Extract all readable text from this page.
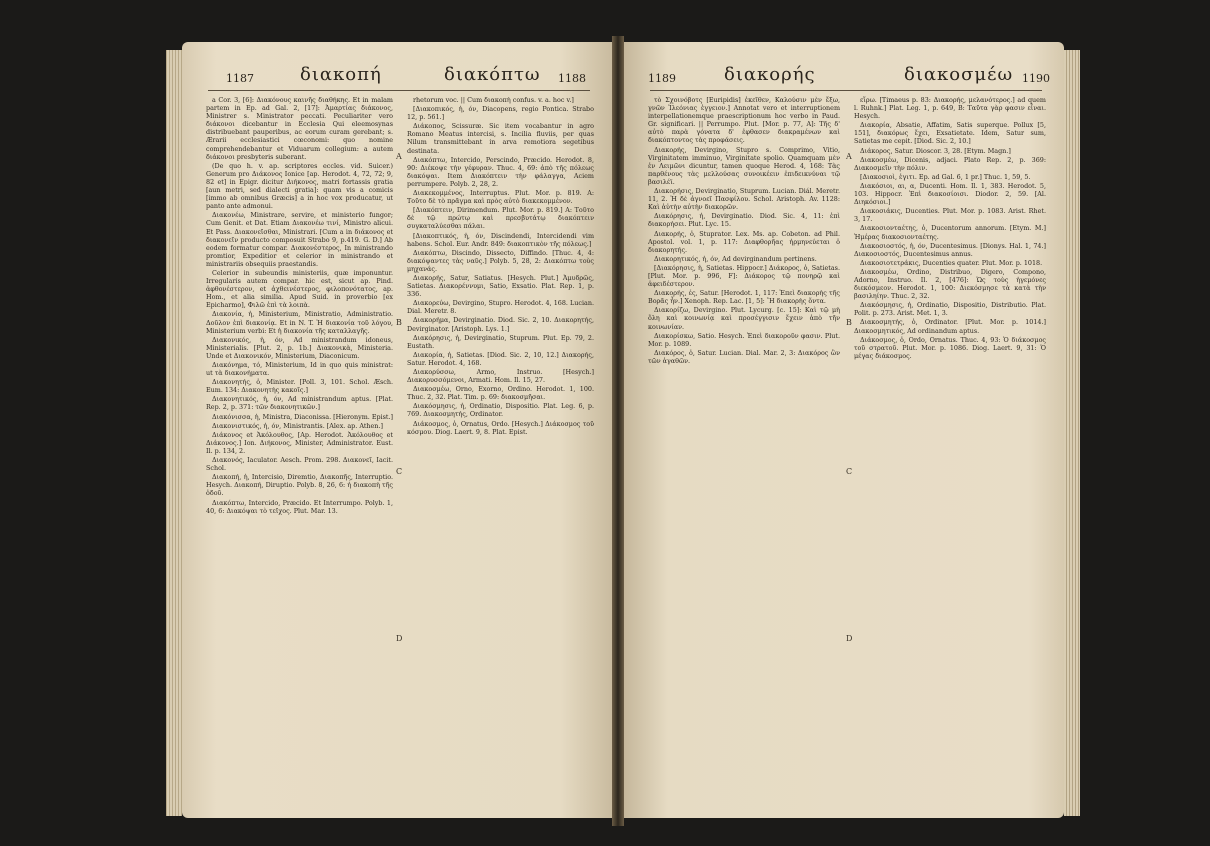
1187	διακοπή	διακόπτω 1188

a Cor. 3, [6]: Διακόνους καινῆς διαθήκης. Et in malam partem in Ep. ad Gal. 2, [17]: Ἁμαρτίας διάκονος, Ministrer s. Ministrator peccati. Peculiariter vero διάκονοι dicebantur in Ecclesia Qui eleemosynas distribuebant pauperibus, ac eorum curam gerebant; s. Ærarii ecclesiastici cœconomi: quo nomine comprehendebantur et Viduarum collegium: a autem διάκονοι presbyteris suberant.

(De quo h. v. ap. scriptores eccles. vid. Suicer.) Generum pro Διάκονος Ionice [ap. Herodot. 4, 72, 72; 9, 82 et] in Epigr. dicitur Διήκονος, matri fortassis gratia [aun metri, sed dialecti gratia]: quam vis a comicis [immo ab omnibus Græcis] a in hoc vox producatur, ut panto ante admonui.

Διακονέω, Ministrare, servire, et ministerio fungor; Cum Genit. et Dat. Etiam Διακονέω τινί, Ministro alicui. Et Pass. Διακονεῖσθαι, Ministrari. [Cum a in διάκονος et διακονεῖν producto composuit Strabo 9, p.419. G. D.] Ab eodem formatur compar. Διακονέστερος, In ministrando promtior, Expeditior et celerior in ministrando et ministrariis obsequiis praestandis.

Celerior in subeundis ministeriis, quæ imponuntur. Irregularis autem compar. hic est, sicut ap. Pind. ἀφθονέστερον, et ἀχθεινέστερος, φιλοπονότατος, ap. Hom., et alia similia. Apud Suid. in proverbio [ex Epicharmo], Φιλῶ ἐπὶ τὰ λοιπὰ.

Διακονία, ἡ, Ministerium, Ministratio, Administratio. Δοῦλον ἐπὶ διακονίᾳ. Et in N. T. Ἡ διακονία τοῦ λόγου, Ministerium verbi: Et ἡ διακονία τῆς καταλλαγῆς.

Διακονικός, ἡ, όν, Ad ministrandum idoneus, Ministerialis. [Plut. 2, p. 1b.] Διακονικὰ, Ministeria. Unde et Διακονικόν, Ministerium, Diaconicum.

Διακόνημα, τό, Ministerium, Id in quo quis ministrat: ut τὰ διακονήματα.

Διακονητής, ὁ, Minister. [Poll. 3, 101. Schol. Æsch. Eum. 134: Διακονητὴς κακοῖς.]

Διακονητικός, ἡ, όν, Ad ministrandum aptus. [Plat. Rep. 2, p. 371: τῶν διακονητικῶν.]

Διακόνισσα, ἡ, Ministra, Diaconissa. [Hieronym. Epist.]

Διακονιστικός, ἡ, όν, Ministrantis. [Alex. ap. Athen.]

Διάκονος et Ἀκόλουθος, [Ap. Herodot. Ἀκόλουθος et Διάκονος.] Ion. Διήκονος, Minister, Administrator. Eust. Il. p. 134, 2.

Διακονός, Iaculator. Aesch. Prom. 298. Διακονεῖ, Iacit. Schol.

Διακοπή, ἡ, Intercisio, Diremtio, Διακοπῆς, Interruptio. Hesych. Διακοπή, Diruptio. Polyb. 8, 26, 6: ἡ διακοπὴ τῆς ὁδοῦ.

Διακόπτω, Intercido, Præcido. Et Interrumpo. Polyb. 1, 40, 6: Διακόψαι τὸ τεῖχος. Plut. Mar. 13.

rhetorum voc. || Cum διακοπὴ confus. v. a. hoc v.]

[Διακοπικός, ἡ, όν, Diacopens, regio Pontica. Strabo 12, p. 561.]

Διάκοπος, Scissuræ. Sic item vocabantur in agro Romano Meatus intercisi, s. Incilia fluviis, per quas Nilum transmittebant in arva remotiora segetibus destinata.

Διακόπτω, Intercido, Perscindo, Præcido. Herodot. 8, 90: Διέκοψε τὴν γέφυραν. Thuc. 4, 69: ἀπὸ τῆς πόλεως διακόψαι. Item Διακόπτειν τὴν φάλαγγα, Aciem perrumpere. Polyb. 2, 28, 2.

Διακεκομμένος, Interruptus. Plut. Mor. p. 819. A: Τοῦτο δὲ τὸ πρᾶγμα καὶ πρὸς αὐτὸ διακεκομμένον.

[Διακόπτειν, Dirimendum. Plut. Mor. p. 819.] A: Τοῦτο δὲ τῷ πρώτῳ καὶ πρεσβυτάτῳ διακόπτειν συγκαταλύεσθαι πάλαι.

[Διακοπτικός, ἡ, όν, Discindendi, Intercidendi vim habens. Schol. Eur. Andr. 849: διακοπτικὸν τῆς πόλεως.]

Διακόπτω, Discindo, Dissecto, Diffindo. [Thuc. 4, 4: διακόψαντες τὰς ναῦς.] Polyb. 5, 28, 2: Διακόπτω τοὺς μηχανάς.

Διακορής, Satur, Satiatus. [Hesych. Plut.] Ἀμυδρῶς, Satietas. Διακορέννυμι, Satio, Exsatio. Plat. Rep. 1, p. 336.

Διακορεύω, Devirgino, Stupro. Herodot. 4, 168. Lucian. Dial. Meretr. 8.

Διακορήμα, Devirginatio. Diod. Sic. 2, 10. Διακορητής, Devirginator. [Aristoph. Lys. 1.]

Διακόρησις, ἡ, Devirginatio, Stuprum. Plut. Ep. 79, 2. Eustath.

Διακορία, ἡ, Satietas. [Diod. Sic. 2, 10, 12.] Διακορής, Satur. Herodot. 4, 168.

Διακορύσσω, Armo, Instruo. [Hesych.] Διακορυσσόμενοι, Armati. Hom. Il. 15, 27.

Διακοσμέω, Orno, Exorno, Ordino. Herodot. 1, 100. Thuc. 2, 32. Plat. Tim. p. 69: διακοσμῆσαι.

Διακόσμησις, ἡ, Ordinatio, Dispositio. Plat. Leg. 6, p. 769. Διακοσμητής, Ordinator.

Διάκοσμος, ὁ, Ornatus, Ordo. [Hesych.] Διάκοσμος τοῦ κόσμου. Diog. Laert. 9, 8. Plat. Epist.

A
B
C
D
1189	διακορής	διακοσμέω 1190

τὸ Σχοινόβοτς [Euripidis] ἐκεῖθεν, Καλούσιν μὲν ἔξω, γνῶν Ἰλεόνιας ἐγγειον.] Annotat vero et interruptionem interpellationemque praescriptionum hoc verbo in Paud. Gr. significari. || Perrumpo. Plut. [Mor. p. 77, A]: Τῆς δ' αὐτὸ παρὰ γόνατα δ' ἐφθασεν διακραμένων καὶ διακόπτοντος τὰς προφάσεις.

Διακορής, Devirgino, Stupro s. Comprimo, Vitio, Virginitatem imminuo, Virginitate spolio. Quamquam μὲν ἐν Λειμῶνι dicuntur, tamen quoque Herod. 4, 168: Τὰς παρθένους τὰς μελλούσας συνοικέειν ἐπιδεικνύναι τῷ βασιλέϊ.

Διακορήσις, Devirginatio, Stuprum. Lucian. Diál. Meretr. 11, 2. Ἡ δὲ ἀγνοεῖ Πασφίλου. Schol. Aristoph. Av. 1128: Καὶ ἀὐτὴν αὐτὴν διακορῶν.

Διακόρησις, ἡ, Devirginatio. Diod. Sic. 4, 11: ἐπὶ διακορήσει. Plut. Lyc. 15.

Διακορής, ὁ, Stuprator. Lex. Ms. ap. Cobeton. ad Phil. Apostol. vol. 1, p. 117: Διαφθορῆας ἡρμηνεύεται ὁ διακορητής.

Διακορητικός, ἡ, όν, Ad devirginandum pertinens.

[Διακόρησις, ἡ, Satietas. Hippocr.] Διάκορος, ὁ, Satietas. [Plut. Mor. p. 996, F]: Διάκορος τῷ πονηρῷ καὶ ἀφειδέστερον.

Διακορής, ές, Satur. [Herodot. 1, 117: Ἐπεὶ διακορὴς τῆς Βορᾶς ἦν.] Xenoph. Rep. Lac. [1, 5]: Ἢ διακορὴς ὄντα.

Διακορίζω, Devirgino. Plut. Lycurg. [c. 15]: Καὶ τῷ μὴ ὅλη καὶ κοινωνίᾳ καὶ προσέγγισιν ἔχειν ἀπὸ τῆν κοινωνίαν.

Διακορίσκω, Satio. Hesych. Ἐπεὶ διακοροῦν φασιν. Plut. Mor. p. 1089.

Διακόρος, ὁ, Satur. Lucian. Dial. Mar. 2, 3: Διακόρος ὢν τῶν ἀγαθῶν.

εἴρω. [Timaeus p. 83: Διακορής, μελανότερος.] ad quem l. Ruhnk.] Plat. Leg. 1, p. 649, B: Ταῦτα γὰρ φασιν εἶναι. Hesych.

Διακορία, Absatie, Affatim, Satis superque. Pollux [5, 151], διακόρως ἔχει, Exsatietate. Idem, Satur sum, Satietas me cepit. [Diod. Sic. 2, 10.]

Διάκορος, Satur. Dioscor. 3, 28. [Etym. Magn.]

Διακοσμέω, Dicenis, adjaci. Plato Rep. 2, p. 369: Διακοσμεῖν τὴν πόλιν.

[Διακοσιοὶ, ἐγιτι. Ep. ad Gal. 6, 1 pr.] Thuc. 1, 59, 5.

Διακόσιοι, αι, α, Ducenti. Hom. Il. 1, 383. Herodot. 5, 103. Hippocr. Ἐπὶ διακοσίοισι. Diodor. 2, 59. [Al. Διηκόσιοι.]

Διακοσιάκις, Ducenties. Plut. Mor. p. 1083. Arist. Rhet. 3, 17.

Διακοσιονταέτης, ὁ, Ducentorum annorum. [Etym. M.] Ἡμέρας διακοσιονταέτης.

Διακοσιοστός, ἡ, όν, Ducentesimus. [Dionys. Hal. 1, 74.] Διακοσιοστός, Ducentesimus annus.

Διακοσιοτετράκις, Ducenties quater. Plut. Mor. p. 1018.

Διακοσμέω, Ordino, Distribuo, Digero, Compono, Adorno, Instruo. Il. 2, [476]: Ὡς τοὺς ἡγεμόνες διεκόσμεον. Herodot. 1, 100: Διεκόσμησε τὰ κατὰ τὴν βασιληίην. Thuc. 2, 32.

Διακόσμησις, ἡ, Ordinatio, Dispositio, Distributio. Plat. Polit. p. 273. Arist. Met. 1, 3.

Διακοσμητής, ὁ, Ordinator. [Plut. Mor. p. 1014.] Διακοσμητικός, Ad ordinandum aptus.

Διάκοσμος, ὁ, Ordo, Ornatus. Thuc. 4, 93: Ὁ διάκοσμος τοῦ στρατοῦ. Plut. Mor. p. 1086. Diog. Laert. 9, 31: Ὁ μέγας διάκοσμος.

A
B
C
D
